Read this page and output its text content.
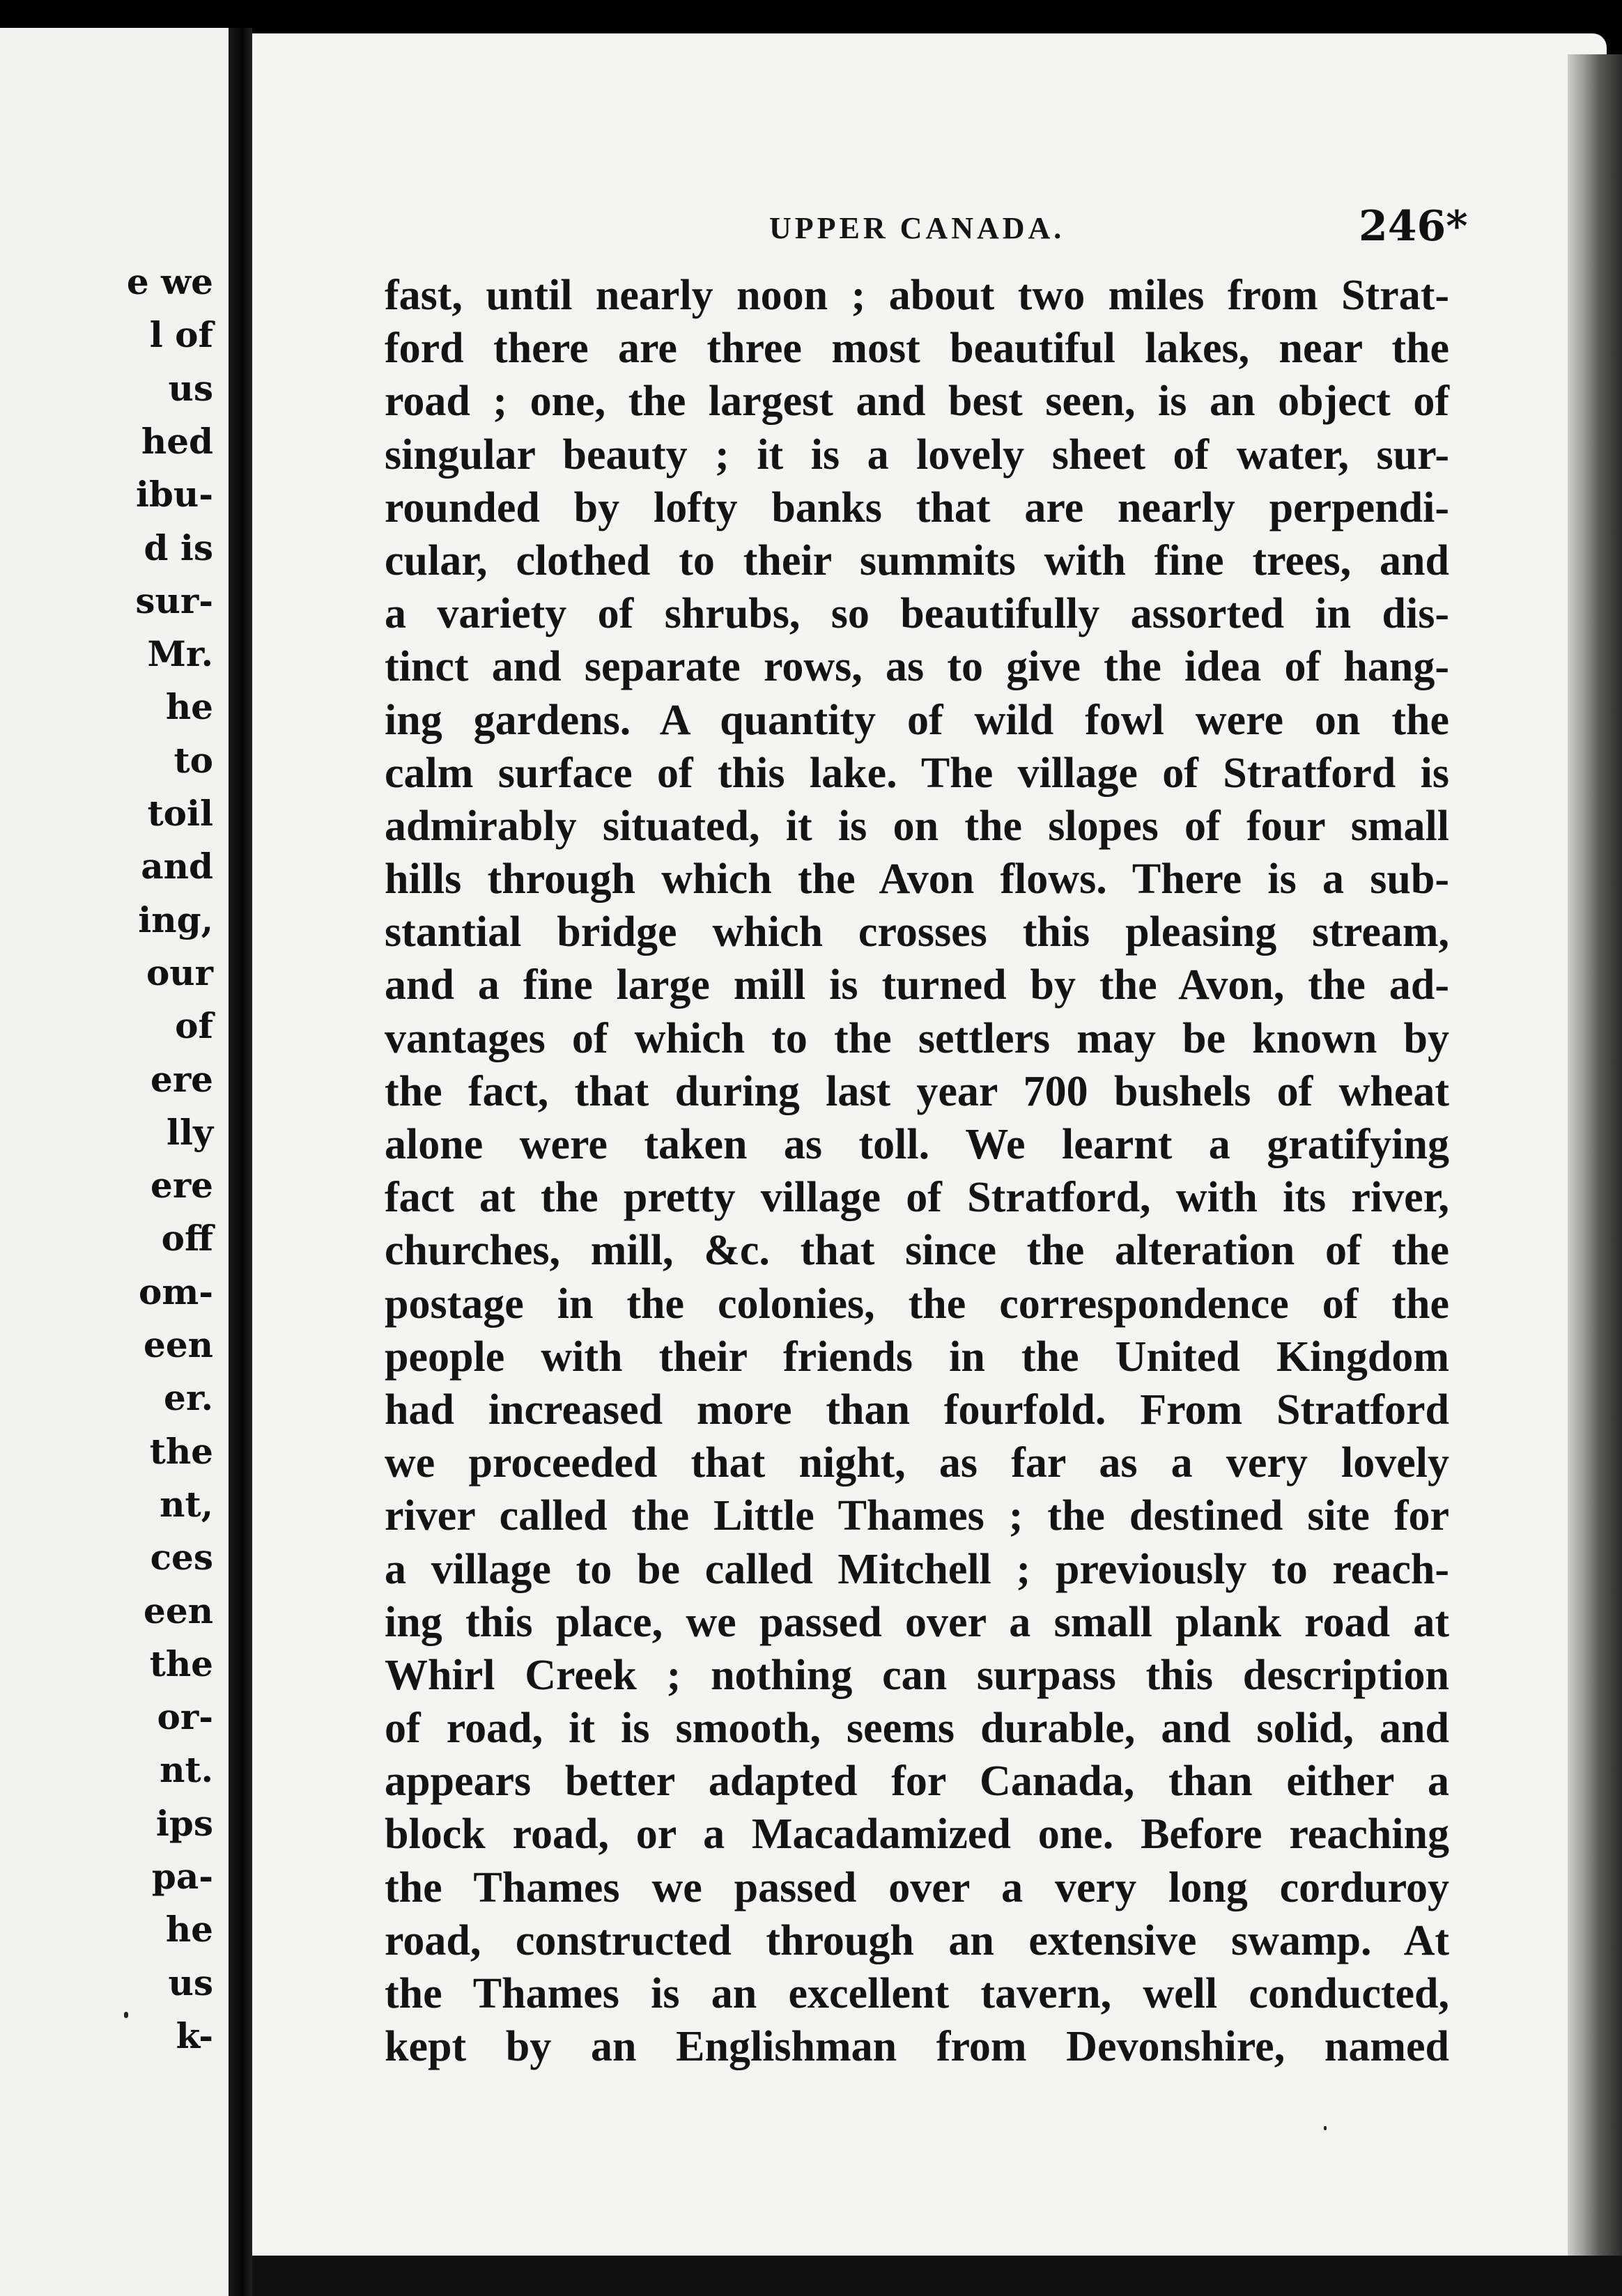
e we
l of
us
hed
ibu-
d is
sur-
Mr.
he
to
toil
and
ing,
our
of
ere
lly
ere
off
om-
een
er.
the
nt,
ces
een
the
or-
nt.
ips
pa-
he
us
k-
UPPER CANADA.	246*
fast, until nearly noon ; about two miles from Strat-
ford there are three most beautiful lakes, near the
road ; one, the largest and best seen, is an object of
singular beauty ; it is a lovely sheet of water, sur-
rounded by lofty banks that are nearly perpendi-
cular, clothed to their summits with fine trees, and
a variety of shrubs, so beautifully assorted in dis-
tinct and separate rows, as to give the idea of hang-
ing gardens. A quantity of wild fowl were on the
calm surface of this lake. The village of Stratford is
admirably situated, it is on the slopes of four small
hills through which the Avon flows. There is a sub-
stantial bridge which crosses this pleasing stream,
and a fine large mill is turned by the Avon, the ad-
vantages of which to the settlers may be known by
the fact, that during last year 700 bushels of wheat
alone were taken as toll. We learnt a gratifying
fact at the pretty village of Stratford, with its river,
churches, mill, &c. that since the alteration of the
postage in the colonies, the correspondence of the
people with their friends in the United Kingdom
had increased more than fourfold. From Stratford
we proceeded that night, as far as a very lovely
river called the Little Thames ; the destined site for
a village to be called Mitchell ; previously to reach-
ing this place, we passed over a small plank road at
Whirl Creek ; nothing can surpass this description
of road, it is smooth, seems durable, and solid, and
appears better adapted for Canada, than either a
block road, or a Macadamized one. Before reaching
the Thames we passed over a very long corduroy
road, constructed through an extensive swamp. At
the Thames is an excellent tavern, well conducted,
kept by an Englishman from Devonshire, named
